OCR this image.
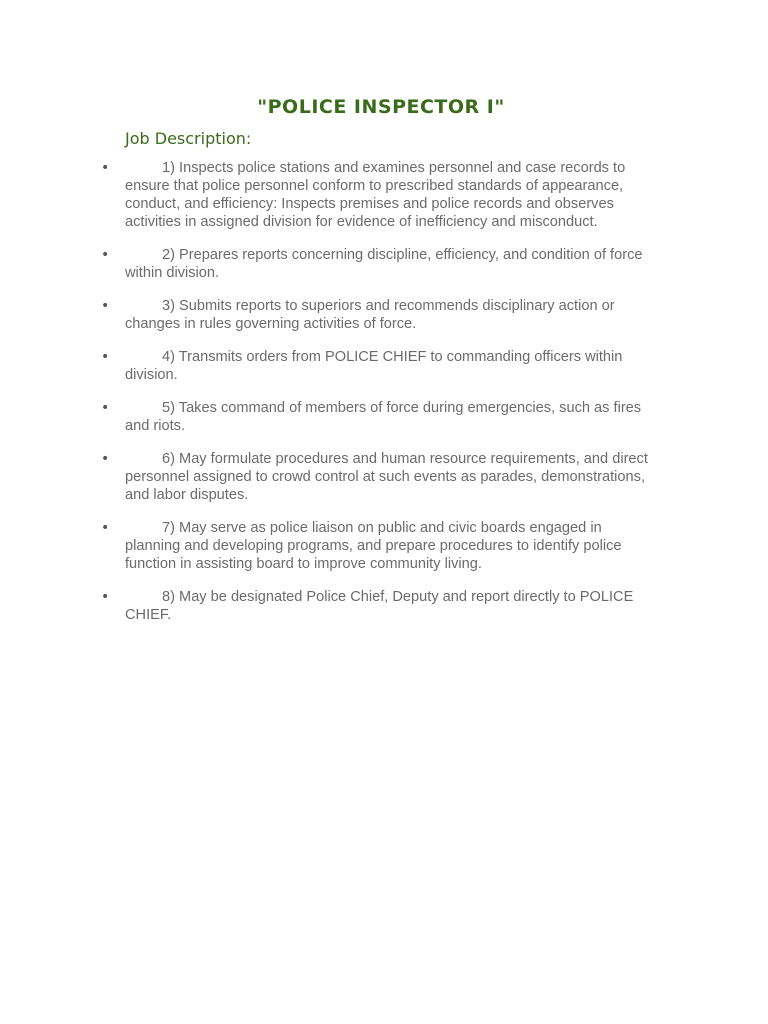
"POLICE INSPECTOR I"
Job Description:
•	1) Inspects police stations and examines personnel and case records to ensure that police personnel conform to prescribed standards of appearance, conduct, and efficiency: Inspects premises and police records and observes activities in assigned division for evidence of inefficiency and misconduct.
•	2) Prepares reports concerning discipline, efficiency, and condition of force within division.
•	3) Submits reports to superiors and recommends disciplinary action or changes in rules governing activities of force.
•	4) Transmits orders from POLICE CHIEF to commanding officers within division.
•	5) Takes command of members of force during emergencies, such as fires and riots.
•	6) May formulate procedures and human resource requirements, and direct personnel assigned to crowd control at such events as parades, demonstrations, and labor disputes.
•	7) May serve as police liaison on public and civic boards engaged in planning and developing programs, and prepare procedures to identify police function in assisting board to improve community living.
•	8) May be designated Police Chief, Deputy and report directly to POLICE CHIEF.
